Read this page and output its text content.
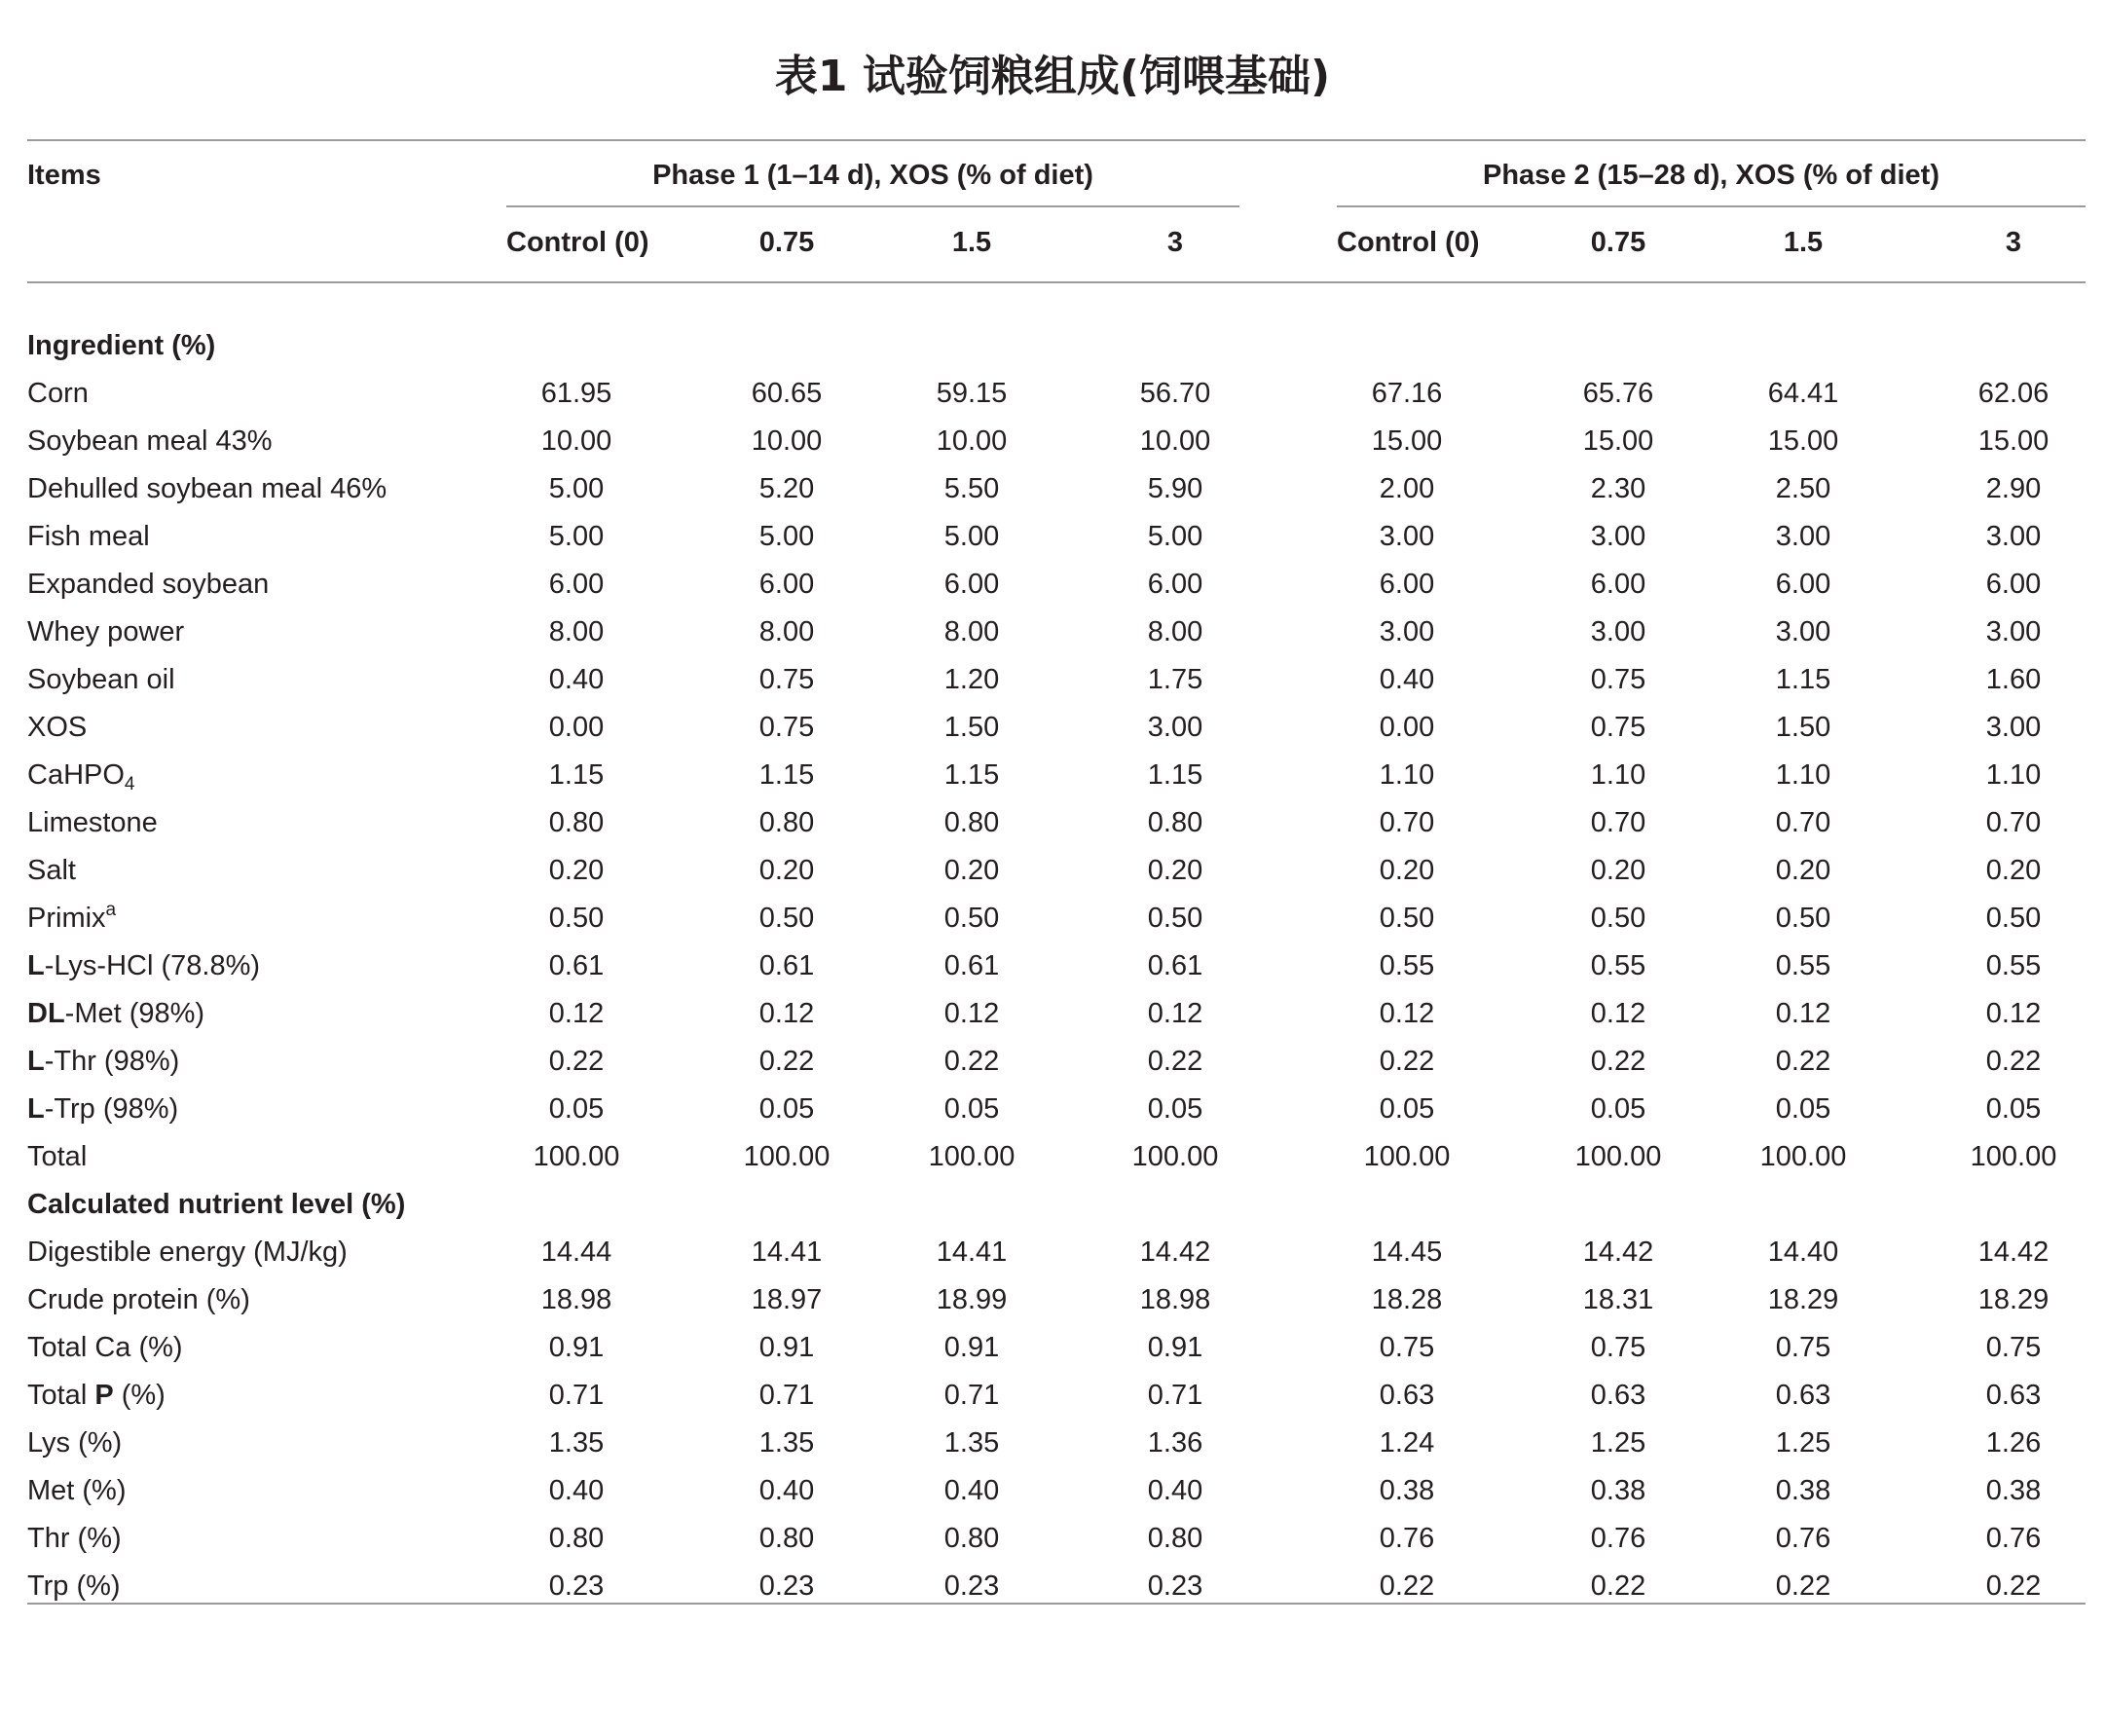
表1 试验饲粮组成(饲喂基础)
Items	Phase 1 (1–14 d), XOS (% of diet)	Phase 2 (15–28 d), XOS (% of diet)
Control (0)	0.75	1.5	3	Control (0)	0.75	1.5	3
Ingredient (%)
Corn	61.95	60.65	59.15	56.70	67.16	65.76	64.41	62.06
Soybean meal 43%	10.00	10.00	10.00	10.00	15.00	15.00	15.00	15.00
Dehulled soybean meal 46%	5.00	5.20	5.50	5.90	2.00	2.30	2.50	2.90
Fish meal	5.00	5.00	5.00	5.00	3.00	3.00	3.00	3.00
Expanded soybean	6.00	6.00	6.00	6.00	6.00	6.00	6.00	6.00
Whey power	8.00	8.00	8.00	8.00	3.00	3.00	3.00	3.00
Soybean oil	0.40	0.75	1.20	1.75	0.40	0.75	1.15	1.60
XOS	0.00	0.75	1.50	3.00	0.00	0.75	1.50	3.00
CaHPO$_4$	1.15	1.15	1.15	1.15	1.10	1.10	1.10	1.10
Limestone	0.80	0.80	0.80	0.80	0.70	0.70	0.70	0.70
Salt	0.20	0.20	0.20	0.20	0.20	0.20	0.20	0.20
Primix$^a$	0.50	0.50	0.50	0.50	0.50	0.50	0.50	0.50
L-Lys-HCl (78.8%)	0.61	0.61	0.61	0.61	0.55	0.55	0.55	0.55
DL-Met (98%)	0.12	0.12	0.12	0.12	0.12	0.12	0.12	0.12
L-Thr (98%)	0.22	0.22	0.22	0.22	0.22	0.22	0.22	0.22
L-Trp (98%)	0.05	0.05	0.05	0.05	0.05	0.05	0.05	0.05
Total	100.00	100.00	100.00	100.00	100.00	100.00	100.00	100.00
Calculated nutrient level (%)
Digestible energy (MJ/kg)	14.44	14.41	14.41	14.42	14.45	14.42	14.40	14.42
Crude protein (%)	18.98	18.97	18.99	18.98	18.28	18.31	18.29	18.29
Total Ca (%)	0.91	0.91	0.91	0.91	0.75	0.75	0.75	0.75
Total P (%)	0.71	0.71	0.71	0.71	0.63	0.63	0.63	0.63
Lys (%)	1.35	1.35	1.35	1.36	1.24	1.25	1.25	1.26
Met (%)	0.40	0.40	0.40	0.40	0.38	0.38	0.38	0.38
Thr (%)	0.80	0.80	0.80	0.80	0.76	0.76	0.76	0.76
Trp (%)	0.23	0.23	0.23	0.23	0.22	0.22	0.22	0.22
